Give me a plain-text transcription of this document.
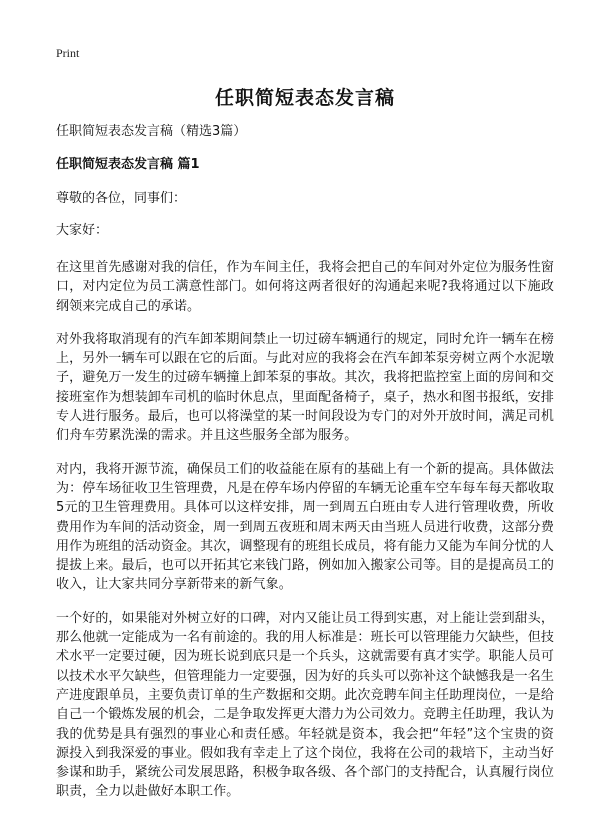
Print

任职简短表态发言稿

任职简短表态发言稿（精选3篇）

任职简短表态发言稿 篇1

尊敬的各位，同事们：

大家好：

在这里首先感谢对我的信任，作为车间主任，我将会把自己的车间对外定位为服务性窗口，对内定位为员工满意性部门。如何将这两者很好的沟通起来呢?我将通过以下施政纲领来完成自己的承诺。

对外我将取消现有的汽车卸苯期间禁止一切过磅车辆通行的规定，同时允许一辆车在榜上，另外一辆车可以跟在它的后面。与此对应的我将会在汽车卸苯泵旁树立两个水泥墩子，避免万一发生的过磅车辆撞上卸苯泵的事故。其次，我将把监控室上面的房间和交接班室作为想装卸车司机的临时休息点，里面配备椅子，桌子，热水和图书报纸，安排专人进行服务。最后，也可以将澡堂的某一时间段设为专门的对外开放时间，满足司机们舟车劳累洗澡的需求。并且这些服务全部为服务。

对内，我将开源节流，确保员工们的收益能在原有的基础上有一个新的提高。具体做法为：停车场征收卫生管理费，凡是在停车场内停留的车辆无论重车空车每车每天都收取5元的卫生管理费用。具体可以这样安排，周一到周五白班由专人进行管理收费，所收费用作为车间的活动资金，周一到周五夜班和周末两天由当班人员进行收费，这部分费用作为班组的活动资金。其次，调整现有的班组长成员，将有能力又能为车间分忧的人提拔上来。最后，也可以开拓其它来钱门路，例如加入搬家公司等。目的是提高员工的收入，让大家共同分享新带来的新气象。

一个好的，如果能对外树立好的口碑，对内又能让员工得到实惠，对上能让尝到甜头，那么他就一定能成为一名有前途的。我的用人标准是：班长可以管理能力欠缺些，但技术水平一定要过硬，因为班长说到底只是一个兵头，这就需要有真才实学。职能人员可以技术水平欠缺些，但管理能力一定要强，因为好的兵头可以弥补这个缺憾我是一名生产进度跟单员，主要负责订单的生产数据和交期。此次竞聘车间主任助理岗位，一是给自己一个锻炼发展的机会，二是争取发挥更大潜力为公司效力。竞聘主任助理，我认为我的优势是具有强烈的事业心和责任感。年轻就是资本，我会把“年轻”这个宝贵的资源投入到我深爱的事业。假如我有幸走上了这个岗位，我将在公司的栽培下，主动当好参谋和助手，紧统公司发展思路，积极争取各级、各个部门的支持配合，认真履行岗位职责，全力以赴做好本职工作。
